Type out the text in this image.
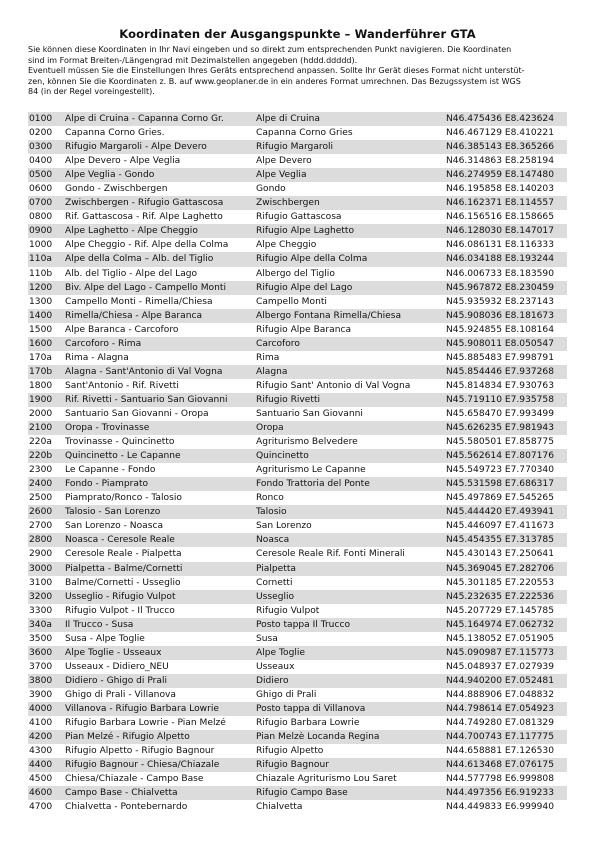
Koordinaten der Ausgangspunkte – Wanderführer GTA

Sie können diese Koordinaten in Ihr Navi eingeben und so direkt zum entsprechenden Punkt navigieren. Die Koordinaten
sind im Format Breiten-/Längengrad mit Dezimalstellen angegeben (hddd.ddddd).

Eventuell müssen Sie die Einstellungen Ihres Geräts entsprechend anpassen. Sollte Ihr Gerät dieses Format nicht unterstüt-
zen, können Sie die Koordinaten z. B. auf www.geoplaner.de in ein anderes Format umrechnen. Das Bezugssystem ist WGS
84 (in der Regel voreingestellt).

0100	Alpe di Cruina - Capanna Corno Gr.	Alpe di Cruina	N46.475436 E8.423624
0200	Capanna Corno Gries.	Capanna Corno Gries	N46.467129 E8.410221
0300	Rifugio Margaroli - Alpe Devero	Rifugio Margaroli	N46.385143 E8.365266
0400	Alpe Devero - Alpe Veglia	Alpe Devero	N46.314863 E8.258194
0500	Alpe Veglia - Gondo	Alpe Veglia	N46.274959 E8.147480
0600	Gondo - Zwischbergen	Gondo	N46.195858 E8.140203
0700	Zwischbergen - Rifugio Gattascosa	Zwischbergen	N46.162371 E8.114557
0800	Rif. Gattascosa - Rif. Alpe Laghetto	Rifugio Gattascosa	N46.156516 E8.158665
0900	Alpe Laghetto - Alpe Cheggio	Rifugio Alpe Laghetto	N46.128030 E8.147017
1000	Alpe Cheggio - Rif. Alpe della Colma	Alpe Cheggio	N46.086131 E8.116333
110a	Alpe della Colma – Alb. del Tiglio	Rifugio Alpe della Colma	N46.034188 E8.193244
110b	Alb. del Tiglio - Alpe del Lago	Albergo del Tiglio	N46.006733 E8.183590
1200	Biv. Alpe del Lago - Campello Monti	Rifugio Alpe del Lago	N45.967872 E8.230459
1300	Campello Monti - Rimella/Chiesa	Campello Monti	N45.935932 E8.237143
1400	Rimella/Chiesa - Alpe Baranca	Albergo Fontana Rimella/Chiesa	N45.908036 E8.181673
1500	Alpe Baranca - Carcoforo	Rifugio Alpe Baranca	N45.924855 E8.108164
1600	Carcoforo - Rima	Carcoforo	N45.908011 E8.050547
170a	Rima - Alagna	Rima	N45.885483 E7.998791
170b	Alagna - Sant'Antonio di Val Vogna	Alagna	N45.854446 E7.937268
1800	Sant'Antonio - Rif. Rivetti	Rifugio Sant' Antonio di Val Vogna	N45.814834 E7.930763
1900	Rif. Rivetti - Santuario San Giovanni	Rifugio Rivetti	N45.719110 E7.935758
2000	Santuario San Giovanni - Oropa	Santuario San Giovanni	N45.658470 E7.993499
2100	Oropa - Trovinasse	Oropa	N45.626235 E7.981943
220a	Trovinasse - Quincinetto	Agriturismo Belvedere	N45.580501 E7.858775
220b	Quincinetto - Le Capanne	Quincinetto	N45.562614 E7.807176
2300	Le Capanne - Fondo	Agriturismo Le Capanne	N45.549723 E7.770340
2400	Fondo - Piamprato	Fondo Trattoria del Ponte	N45.531598 E7.686317
2500	Piamprato/Ronco - Talosio	Ronco	N45.497869 E7.545265
2600	Talosio - San Lorenzo	Talosio	N45.444420 E7.493941
2700	San Lorenzo - Noasca	San Lorenzo	N45.446097 E7.411673
2800	Noasca - Ceresole Reale	Noasca	N45.454355 E7.313785
2900	Ceresole Reale - Pialpetta	Ceresole Reale Rif. Fonti Minerali	N45.430143 E7.250641
3000	Pialpetta - Balme/Cornetti	Pialpetta	N45.369045 E7.282706
3100	Balme/Cornetti - Usseglio	Cornetti	N45.301185 E7.220553
3200	Usseglio - Rifugio Vulpot	Usseglio	N45.232635 E7.222536
3300	Rifugio Vulpot - Il Trucco	Rifugio Vulpot	N45.207729 E7.145785
340a	Il Trucco - Susa	Posto tappa Il Trucco	N45.164974 E7.062732
3500	Susa - Alpe Toglie	Susa	N45.138052 E7.051905
3600	Alpe Toglie - Usseaux	Alpe Toglie	N45.090987 E7.115773
3700	Usseaux - Didiero_NEU	Usseaux	N45.048937 E7.027939
3800	Didiero - Ghigo di Prali	Didiero	N44.940200 E7.052481
3900	Ghigo di Prali - Villanova	Ghigo di Prali	N44.888906 E7.048832
4000	Villanova - Rifugio Barbara Lowrie	Posto tappa di Villanova	N44.798614 E7.054923
4100	Rifugio Barbara Lowrie - Pian Melzé	Rifugio Barbara Lowrie	N44.749280 E7.081329
4200	Pian Melzé - Rifugio Alpetto	Pian Melzè Locanda Regina	N44.700743 E7.117775
4300	Rifugio Alpetto - Rifugio Bagnour	Rifugio Alpetto	N44.658881 E7.126530
4400	Rifugio Bagnour - Chiesa/Chiazale	Rifugio Bagnour	N44.613468 E7.076175
4500	Chiesa/Chiazale - Campo Base	Chiazale Agriturismo Lou Saret	N44.577798 E6.999808
4600	Campo Base - Chialvetta	Rifugio Campo Base	N44.497356 E6.919233
4700	Chialvetta - Pontebernardo	Chialvetta	N44.449833 E6.999940
